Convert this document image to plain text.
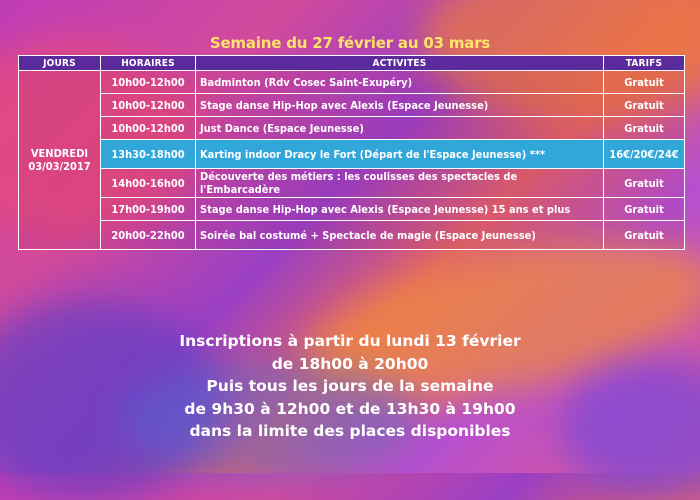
Semaine du 27 février au 03 mars
JOURS	HORAIRES	ACTIVITES	TARIFS
VENDREDI 03/03/2017	10h00-12h00	Badminton (Rdv Cosec Saint-Exupéry)	Gratuit
	10h00-12h00	Stage danse Hip-Hop avec Alexis (Espace Jeunesse)	Gratuit
	10h00-12h00	Just Dance (Espace Jeunesse)	Gratuit
	13h30-18h00	Karting indoor Dracy le Fort (Départ de l'Espace Jeunesse) ***	16€/20€/24€
	14h00-16h00	Découverte des métiers : les coulisses des spectacles de l'Embarcadère	Gratuit
	17h00-19h00	Stage danse Hip-Hop avec Alexis (Espace Jeunesse) 15 ans et plus	Gratuit
	20h00-22h00	Soirée bal costumé + Spectacle de magie (Espace Jeunesse)	Gratuit
Inscriptions à partir du lundi 13 février
de 18h00 à 20h00
Puis tous les jours de la semaine
de 9h30 à 12h00 et de 13h30 à 19h00
dans la limite des places disponibles
